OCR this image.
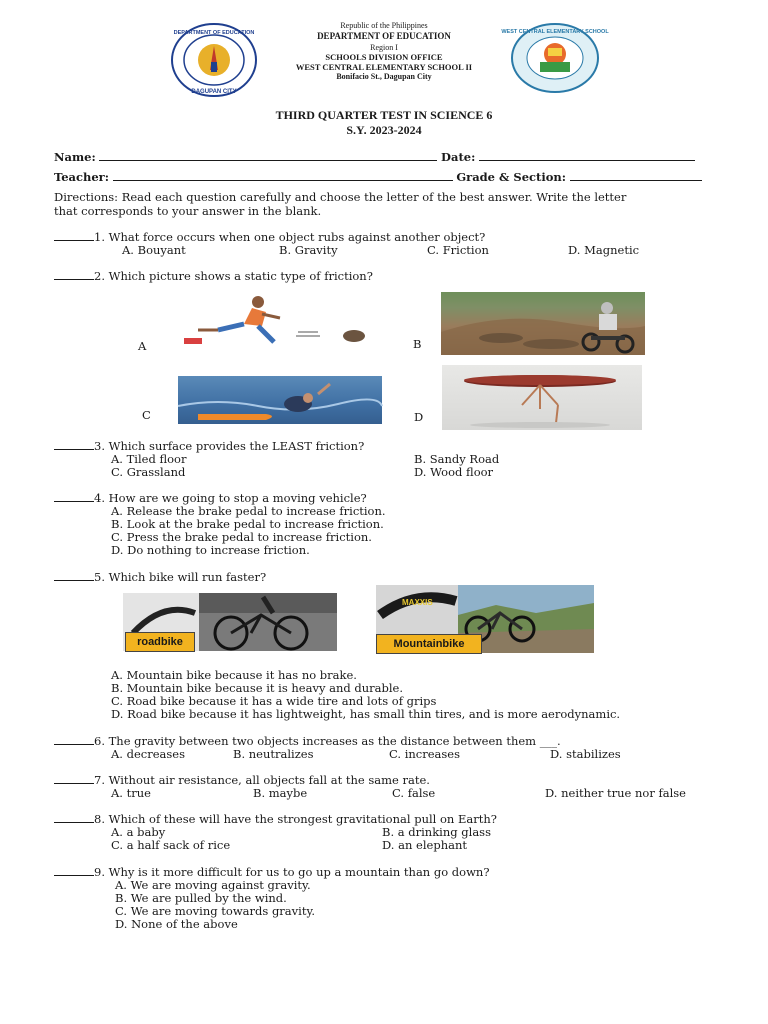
DEPARTMENT OF EDUCATION
DAGUPAN CITY
Republic of the Philippines
DEPARTMENT OF EDUCATION
Region I
SCHOOLS DIVISION OFFICE
WEST CENTRAL ELEMENTARY SCHOOL II
Bonifacio St., Dagupan City
WEST CENTRAL ELEMENTARY SCHOOL
THIRD QUARTER TEST IN SCIENCE 6
S.Y. 2023-2024
Name:	Date:
Teacher:	Grade & Section:
Directions: Read each question carefully and choose the letter of the best answer. Write the letter
that corresponds to your answer in the blank.
1. What force occurs when one object rubs against another object?
A. Bouyant	B. Gravity	C. Friction	D. Magnetic
2. Which picture shows a static type of friction?
A	B
C	D
3. Which surface provides the LEAST friction?
A. Tiled floor	B. Sandy Road
C. Grassland	D. Wood floor
4. How are we going to stop a moving vehicle?
A. Release the brake pedal to increase friction.
B. Look at the brake pedal to increase friction.
C. Press the brake pedal to increase friction.
D. Do nothing to increase friction.
5. Which bike will run faster?
roadbike
MAXXIS
Mountainbike
A. Mountain bike because it has no brake.
B. Mountain bike because it is heavy and durable.
C. Road bike because it has a wide tire and lots of grips
D. Road bike because it has lightweight, has small thin tires, and is more aerodynamic.
6. The gravity between two objects increases as the distance between them ___.
A. decreases	B. neutralizes	C. increases	D. stabilizes
7. Without air resistance, all objects fall at the same rate.
A. true	B. maybe	C. false	D. neither true nor false
8. Which of these will have the strongest gravitational pull on Earth?
A. a baby	B. a drinking glass
C. a half sack of rice	D. an elephant
9. Why is it more difficult for us to go up a mountain than go down?
A. We are moving against gravity.
B. We are pulled by the wind.
C. We are moving towards gravity.
D. None of the above
